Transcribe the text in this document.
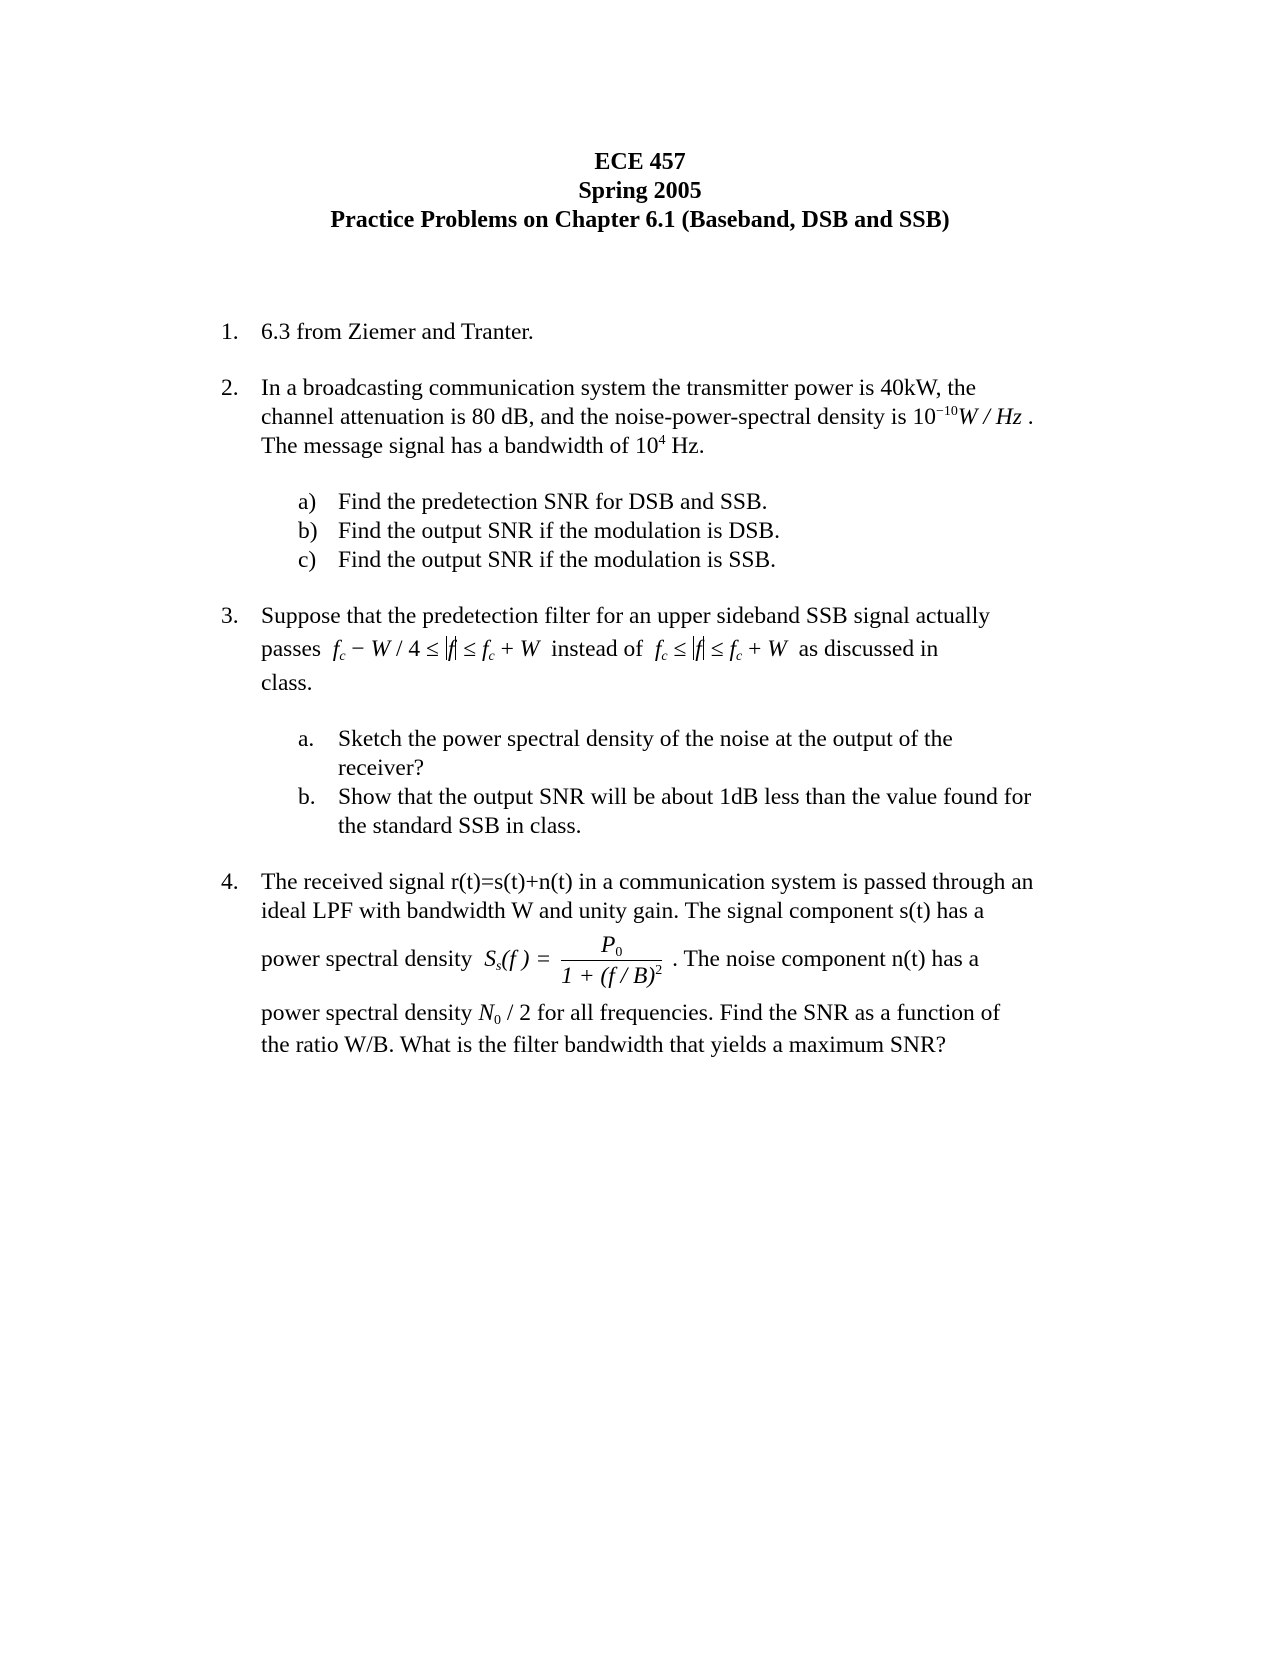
ECE 457
Spring 2005
Practice Problems on Chapter 6.1 (Baseband, DSB and SSB)
1. 6.3 from Ziemer and Tranter.
2. In a broadcasting communication system the transmitter power is 40kW, the
channel attenuation is 80 dB, and the noise-power-spectral density is $10^{-10}W$ / Hz .
The message signal has a bandwidth of $10^4$ Hz.
a) Find the predetection SNR for DSB and SSB.
b) Find the output SNR if the modulation is DSB.
c) Find the output SNR if the modulation is SSB.
3. Suppose that the predetection filter for an upper sideband SSB signal actually
passes $f_c - W / 4 \le f \le f_c + W$ instead of $f_c \le f \le f_c + W$ as discussed in
class.
a. Sketch the power spectral density of the noise at the output of the receiver?
b. Show that the output SNR will be about 1dB less than the value found for the standard SSB in class.
4. The received signal r(t)=s(t)+n(t) in a communication system is passed through an
ideal LPF with bandwidth W and unity gain. The signal component s(t) has a
power spectral density $S_s(f$ ) = $\frac{P_0}{1 + (f / B)^2}$ . The noise component n(t) has a
power spectral density $N_0 / 2$ for all frequencies. Find the SNR as a function of
the ratio W/B. What is the filter bandwidth that yields a maximum SNR?
